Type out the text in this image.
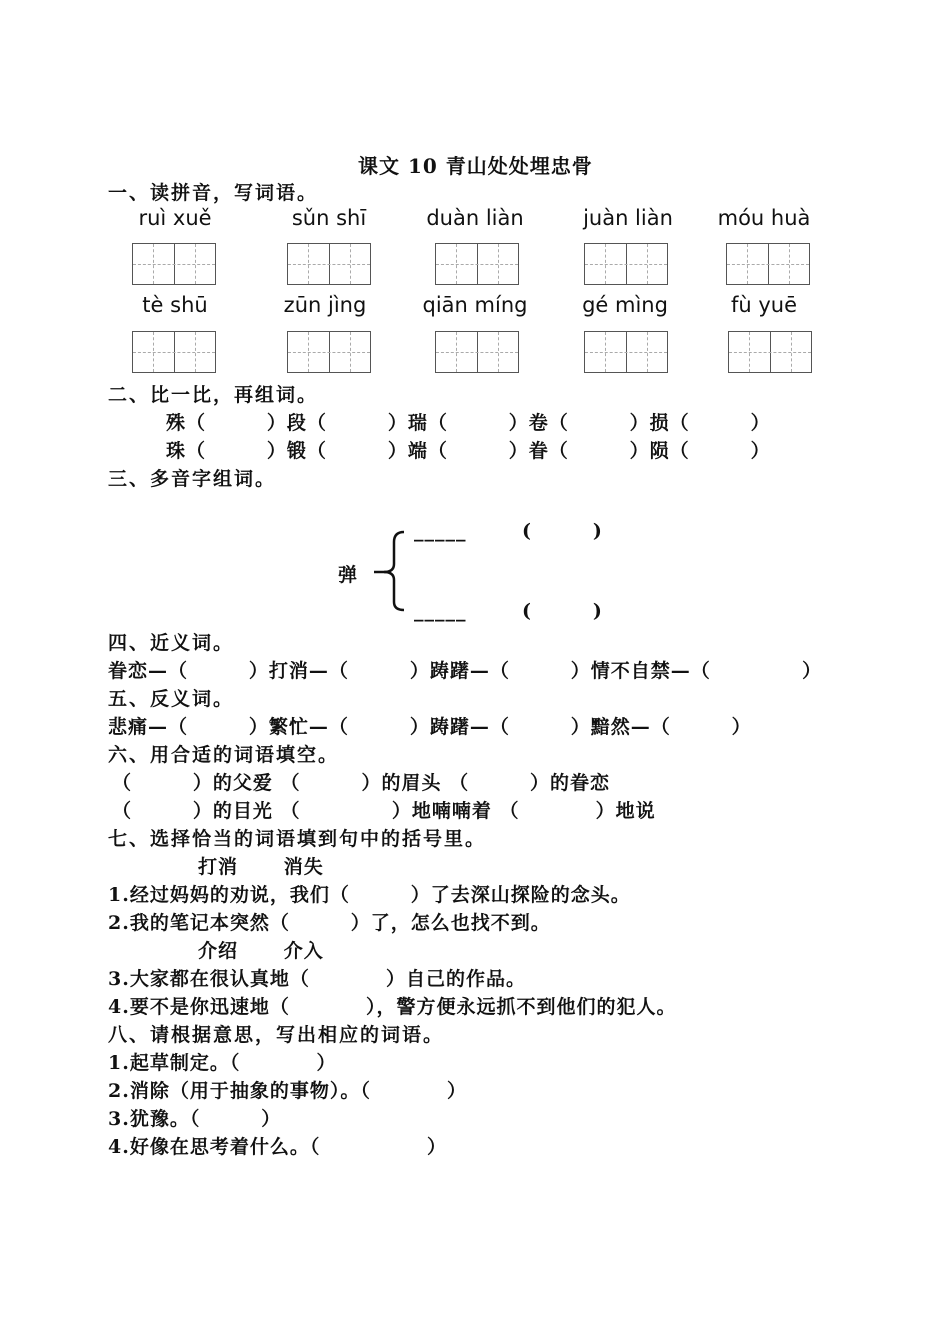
课文 10 青山处处埋忠骨
一、读拼音，写词语。
ruì xuě	sǔn shī	duàn liàn	juàn liàn	móu huà
tè shū	zūn jìng	qiān míng	gé mìng	fù yuē
二、比一比，再组词。
殊（        ）段（        ）瑞（        ）卷（        ）损（        ）
珠（        ）锻（        ）端（        ）眷（        ）陨（        ）
三、多音字组词。
弹
_____	(        )
_____	(        )
四、近义词。
眷恋—（        ）打消—（        ）踌躇—（        ）情不自禁—（            ）
五、反义词。
悲痛—（        ）繁忙—（        ）踌躇—（        ）黯然—（        ）
六、用合适的词语填空。
（        ）的父爱 （        ）的眉头 （        ）的眷恋
（        ）的目光 （            ）地喃喃着 （          ）地说
七、选择恰当的词语填到句中的括号里。
打消      消失
1.经过妈妈的劝说，我们（        ）了去深山探险的念头。
2.我的笔记本突然（        ）了，怎么也找不到。
介绍      介入
3.大家都在很认真地（          ）自己的作品。
4.要不是你迅速地（          ），警方便永远抓不到他们的犯人。
八、请根据意思，写出相应的词语。
1.起草制定。（          ）
2.消除（用于抽象的事物）。（          ）
3.犹豫。（        ）
4.好像在思考着什么。（              ）
